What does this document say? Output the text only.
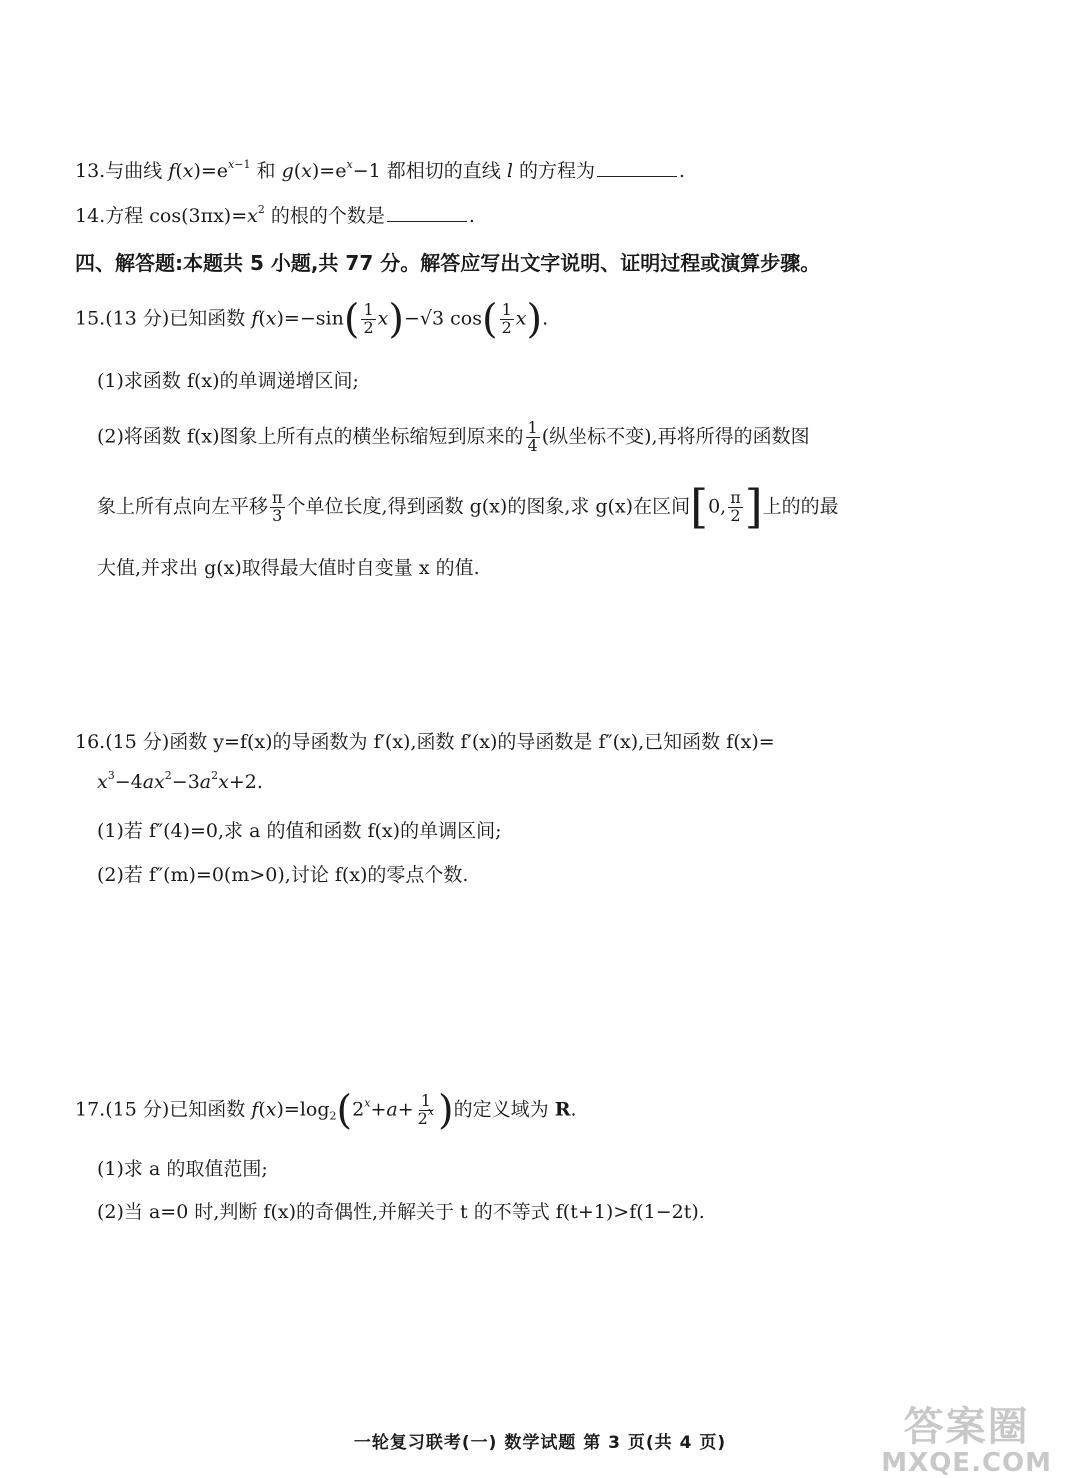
13.与曲线 $f(x)=e^{x-1}$ 和 $g(x)=e^x-1$ 都相切的直线 l 的方程为	.
14.方程 $\cos(3\pi x)=x^2$ 的根的个数是	.
四、解答题:本题共 5 小题,共 77 分。解答应写出文字说明、证明过程或演算步骤。
15.(13 分)已知函数 $f(x)=-\sin( \frac{1}{2} x)-√3$ $\cos( \frac{1}{2} x)$.
(1)求函数 f(x)的单调递增区间;
(2)将函数 f(x)图象上所有点的横坐标缩短到原来的 $\frac{1}{4}$ (纵坐标不变),再将所得的函数图
象上所有点向左平移 $\frac{\pi}{3}$ 个单位长度,得到函数 g(x)的图象,求 g(x)在区间[0, $\frac{\pi}{2}$ ]上的的最
大值,并求出 g(x)取得最大值时自变量 x 的值.
16.(15 分)函数 y=f(x)的导函数为 f′(x),函数 f′(x)的导函数是 f″(x),已知函数 f(x)=
$x^3-4ax^2-3a^2x+2$.
(1)若 f″(4)=0,求 a 的值和函数 f(x)的单调区间;
(2)若 f″(m)=0(m>0),讨论 f(x)的零点个数.
17.(15 分)已知函数 $f(x)=\log_2(2^x+a+ \frac{1}{2^x}$ )的定义域为 R.
(1)求 a 的取值范围;
(2)当 a=0 时,判断 f(x)的奇偶性,并解关于 t 的不等式 f(t+1)>f(1−2t).
一轮复习联考(一) 数学试题 第 3 页(共 4 页)	答案圈
MXQE.COM
